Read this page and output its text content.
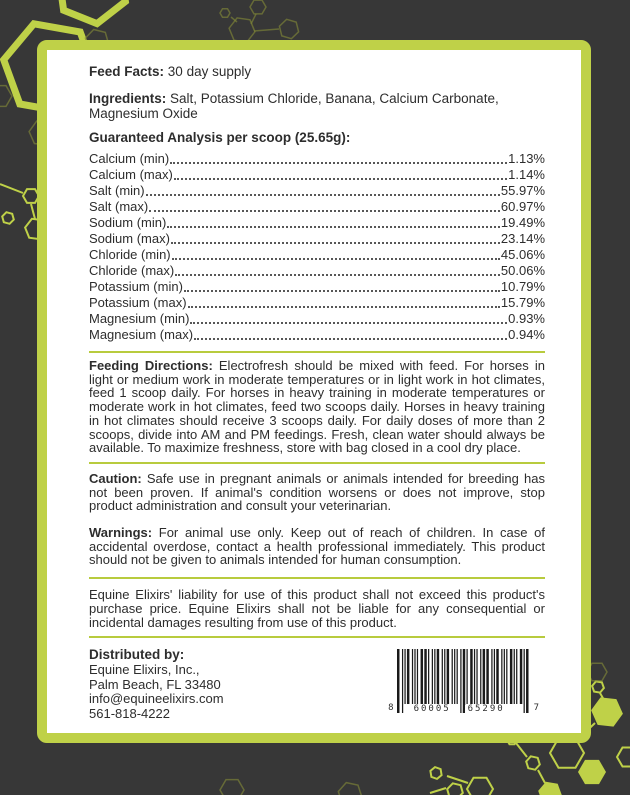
Feed Facts: 30 day supply

Ingredients: Salt, Potassium Chloride, Banana, Calcium Carbonate, Magnesium Oxide

Guaranteed Analysis per scoop (25.65g):

Calcium (min)	1.13%
Calcium (max)	1.14%
Salt (min)	55.97%
Salt (max)	60.97%
Sodium (min)	19.49%
Sodium (max)	23.14%
Chloride (min)	45.06%
Chloride (max)	50.06%
Potassium (min)	10.79%
Potassium (max)	15.79%
Magnesium (min)	0.93%
Magnesium (max)	0.94%

Feeding Directions: Electrofresh should be mixed with feed. For horses in light or medium work in moderate temperatures or in light work in hot climates, feed 1 scoop daily. For horses in heavy training in moderate temperatures or moderate work in hot climates, feed two scoops daily. Horses in heavy training in hot climates should receive 3 scoops daily. For daily doses of more than 2 scoops, divide into AM and PM feedings. Fresh, clean water should always be available. To maximize freshness, store with bag closed in a cool dry place.

Caution: Safe use in pregnant animals or animals intended for breeding has not been proven. If animal's condition worsens or does not improve, stop product administration and consult your veterinarian.

Warnings: For animal use only. Keep out of reach of children. In case of accidental overdose, contact a health professional immediately. This product should not be given to animals intended for human consumption.

Equine Elixirs' liability for use of this product shall not exceed this product's purchase price. Equine Elixirs shall not be liable for any consequential or incidental damages resulting from use of this product.

Distributed by:
Equine Elixirs, Inc.,
Palm Beach, FL 33480
info@equineelixirs.com
561-818-4222	8	60005	65290	7
